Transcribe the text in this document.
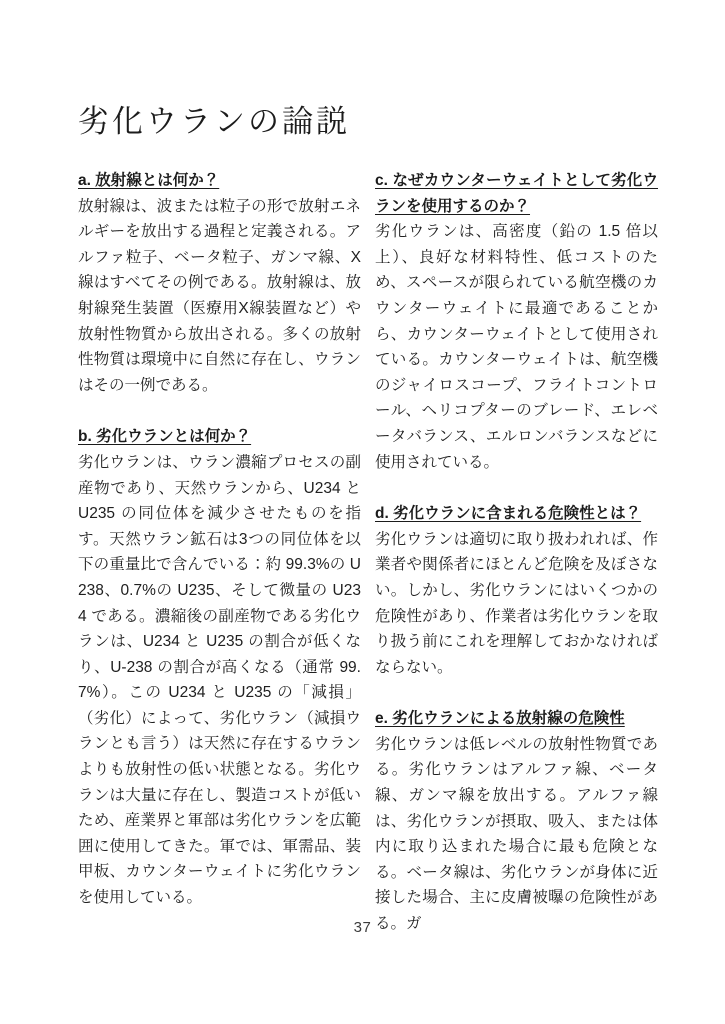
劣化ウランの論説
a. 放射線とは何か？

放射線は、波または粒子の形で放射エネルギーを放出する過程と定義される。アルファ粒子、ベータ粒子、ガンマ線、X線はすべてその例である。放射線は、放射線発生装置（医療用X線装置など）や放射性物質から放出される。多くの放射性物質は環境中に自然に存在し、ウランはその一例である。

b. 劣化ウランとは何か？

劣化ウランは、ウラン濃縮プロセスの副産物であり、天然ウランから、U234 と U235 の同位体を減少させたものを指す。天然ウラン鉱石は3つの同位体を以下の重量比で含んでいる：約 99.3%の U238、0.7%の U235、そして微量の U234 である。濃縮後の副産物である劣化ウランは、U234 と U235 の割合が低くなり、U-238 の割合が高くなる（通常 99.7%）。この U234 と U235 の「減損」（劣化）によって、劣化ウラン（減損ウランとも言う）は天然に存在するウランよりも放射性の低い状態となる。劣化ウランは大量に存在し、製造コストが低いため、産業界と軍部は劣化ウランを広範囲に使用してきた。軍では、軍需品、装甲板、カウンターウェイトに劣化ウランを使用している。

c. なぜカウンターウェイトとして劣化ウランを使用するのか？

劣化ウランは、高密度（鉛の 1.5 倍以上）、良好な材料特性、低コストのため、スペースが限られている航空機のカウンターウェイトに最適であることから、カウンターウェイトとして使用されている。カウンターウェイトは、航空機のジャイロスコープ、フライトコントロール、ヘリコプターのブレード、エレベータバランス、エルロンバランスなどに使用されている。

d. 劣化ウランに含まれる危険性とは？

劣化ウランは適切に取り扱われれば、作業者や関係者にほとんど危険を及ぼさない。しかし、劣化ウランにはいくつかの危険性があり、作業者は劣化ウランを取り扱う前にこれを理解しておかなければならない。

e. 劣化ウランによる放射線の危険性

劣化ウランは低レベルの放射性物質である。劣化ウランはアルファ線、ベータ線、ガンマ線を放出する。アルファ線は、劣化ウランが摂取、吸入、または体内に取り込まれた場合に最も危険となる。ベータ線は、劣化ウランが身体に近接した場合、主に皮膚被曝の危険性がある。ガ

37
